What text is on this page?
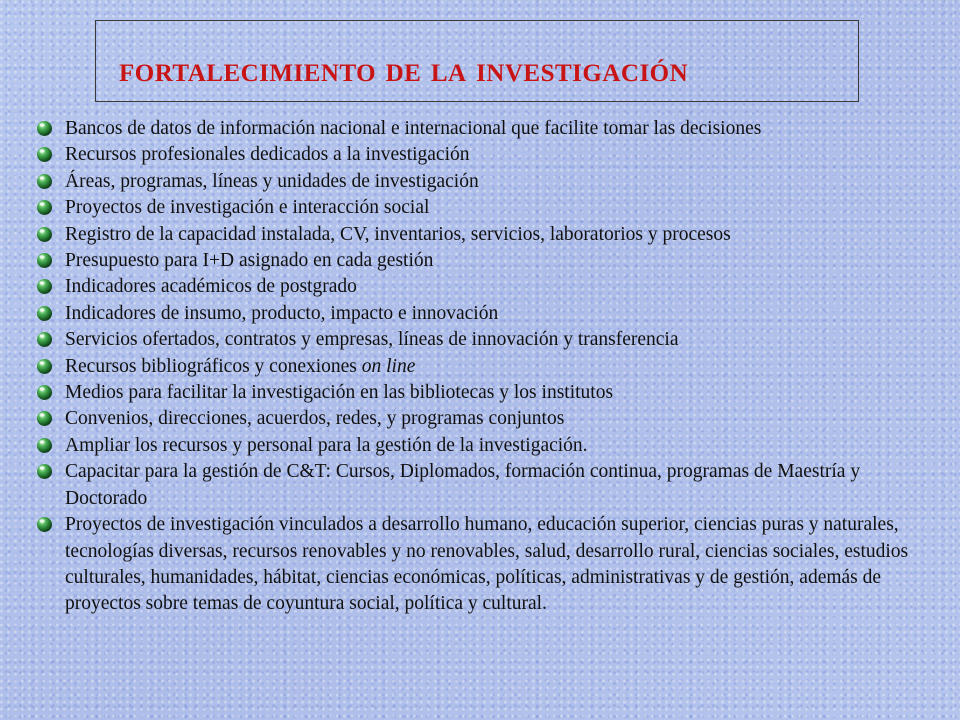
fortalecimiento de la investigación
Bancos de datos de información nacional e internacional que facilite tomar las decisiones
Recursos profesionales dedicados a la investigación
Áreas, programas, líneas y unidades de investigación
Proyectos de investigación e interacción social
Registro de la capacidad instalada, CV, inventarios, servicios, laboratorios y procesos
Presupuesto para I+D asignado en cada gestión
Indicadores académicos de postgrado
Indicadores de insumo, producto, impacto e innovación
Servicios ofertados, contratos y empresas, líneas de innovación y transferencia
Recursos bibliográficos y conexiones on line
Medios para facilitar la investigación en las bibliotecas y los institutos
Convenios, direcciones, acuerdos, redes, y programas conjuntos
Ampliar los recursos y personal para la gestión de la investigación.
Capacitar para la gestión de C&T: Cursos, Diplomados, formación continua, programas de Maestría y Doctorado
Proyectos de investigación vinculados a desarrollo humano, educación superior, ciencias puras y naturales, tecnologías diversas, recursos renovables y no renovables, salud, desarrollo rural, ciencias sociales, estudios culturales, humanidades, hábitat, ciencias económicas, políticas, administrativas y de gestión, además de proyectos sobre temas de coyuntura social, política y cultural.
